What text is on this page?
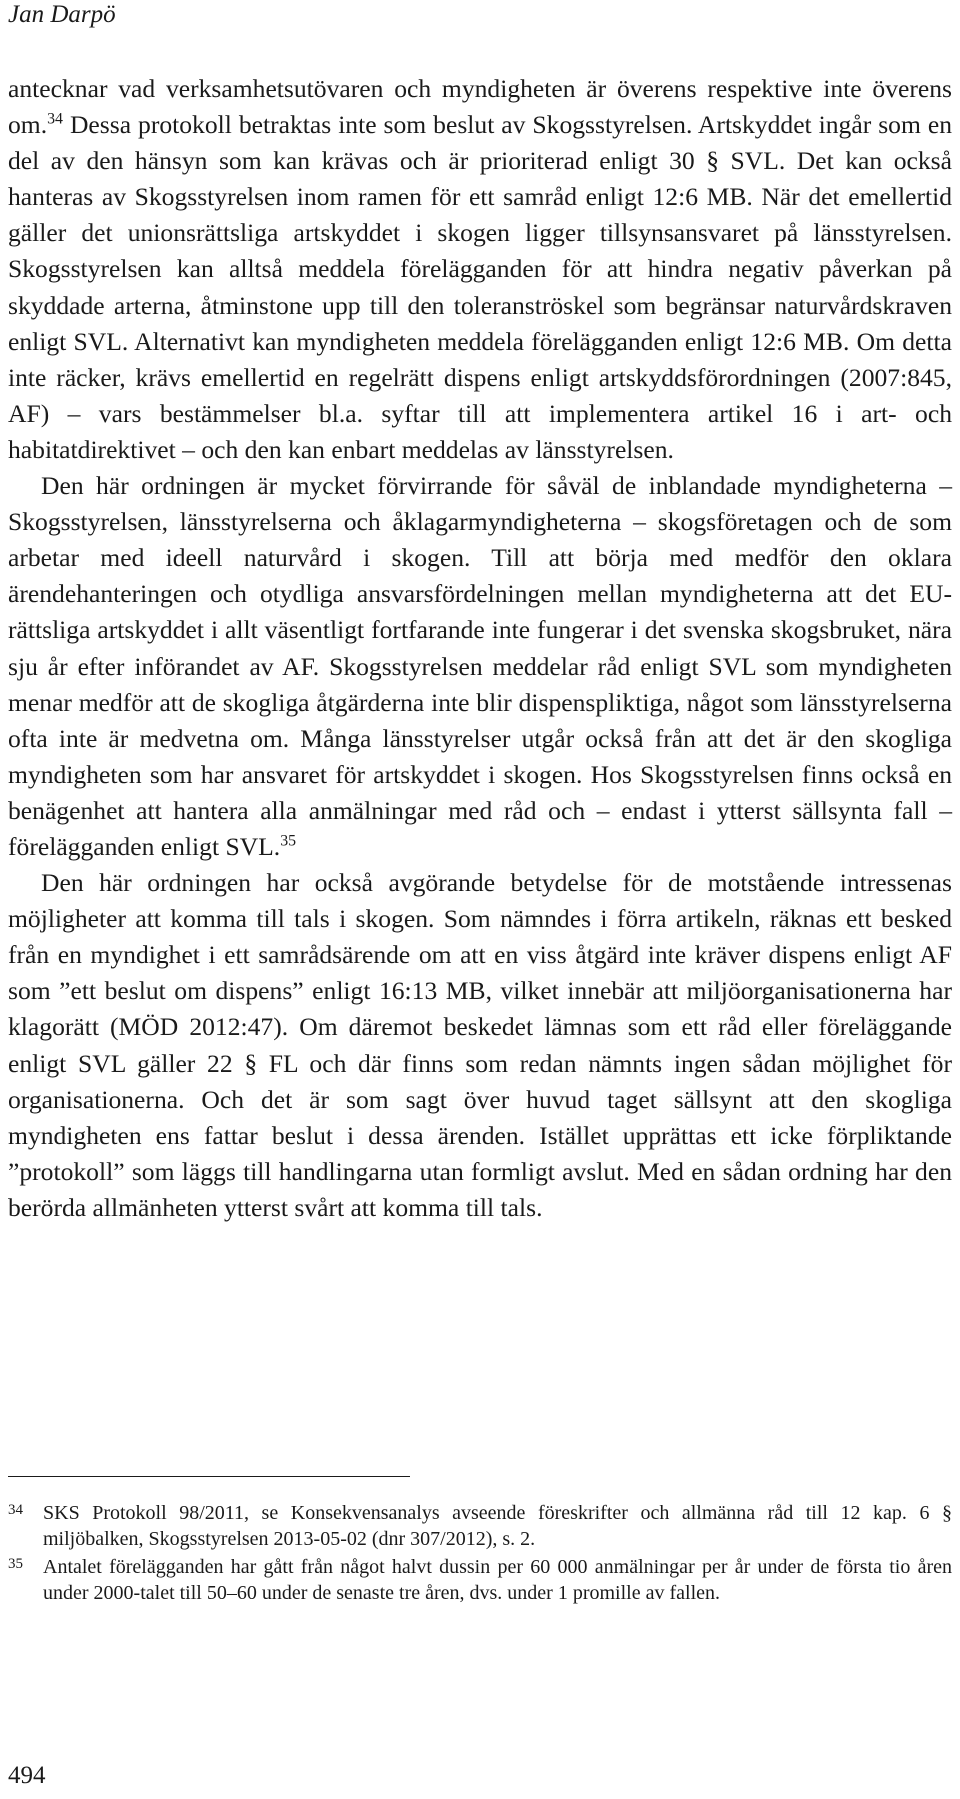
Jan Darpö

antecknar vad verksamhetsutövaren och myndigheten är överens respektive inte överens om.$^{34}$ Dessa protokoll betraktas inte som beslut av Skogsstyrelsen. Artskyddet ingår som en del av den hänsyn som kan krävas och är prioriterad enligt 30 § SVL. Det kan också hanteras av Skogsstyrelsen inom ramen för ett samråd enligt 12:6 MB. När det emellertid gäller det unionsrättsliga artskyddet i skogen ligger tillsynsansvaret på länsstyrelsen. Skogsstyrelsen kan alltså meddela förelägganden för att hindra negativ påverkan på skyddade arterna, åtminstone upp till den toleranströskel som begränsar naturvårdskraven enligt SVL. Alternativt kan myndigheten meddela förelägganden enligt 12:6 MB. Om detta inte räcker, krävs emellertid en regelrätt dispens enligt artskyddsförordningen (2007:845, AF) – vars bestämmelser bl.a. syftar till att implementera artikel 16 i art- och habitatdirektivet – och den kan enbart meddelas av länsstyrelsen.

Den här ordningen är mycket förvirrande för såväl de inblandade myndigheterna – Skogsstyrelsen, länsstyrelserna och åklagarmyndigheterna – skogsföretagen och de som arbetar med ideell naturvård i skogen. Till att börja med medför den oklara ärendehanteringen och otydliga ansvarsfördelningen mellan myndigheterna att det EU-rättsliga artskyddet i allt väsentligt fortfarande inte fungerar i det svenska skogsbruket, nära sju år efter införandet av AF. Skogsstyrelsen meddelar råd enligt SVL som myndigheten menar medför att de skogliga åtgärderna inte blir dispenspliktiga, något som länsstyrelserna ofta inte är medvetna om. Många länsstyrelser utgår också från att det är den skogliga myndigheten som har ansvaret för artskyddet i skogen. Hos Skogsstyrelsen finns också en benägenhet att hantera alla anmälningar med råd och – endast i ytterst sällsynta fall – förelägganden enligt SVL.$^{35}$

Den här ordningen har också avgörande betydelse för de motstående intressenas möjligheter att komma till tals i skogen. Som nämndes i förra artikeln, räknas ett besked från en myndighet i ett samrådsärende om att en viss åtgärd inte kräver dispens enligt AF som ”ett beslut om dispens” enligt 16:13 MB, vilket innebär att miljöorganisationerna har klagorätt (MÖD 2012:47). Om däremot beskedet lämnas som ett råd eller föreläggande enligt SVL gäller 22 § FL och där finns som redan nämnts ingen sådan möjlighet för organisationerna. Och det är som sagt över huvud taget sällsynt att den skogliga myndigheten ens fattar beslut i dessa ärenden. Istället upprättas ett icke förpliktande ”protokoll” som läggs till handlingarna utan formligt avslut. Med en sådan ordning har den berörda allmänheten ytterst svårt att komma till tals.

34	SKS Protokoll 98/2011, se Konsekvensanalys avseende föreskrifter och allmänna råd till 12 kap. 6 § miljöbalken, Skogsstyrelsen 2013-05-02 (dnr 307/2012), s. 2.
35	Antalet förelägganden har gått från något halvt dussin per 60 000 anmälningar per år under de första tio åren under 2000-talet till 50–60 under de senaste tre åren, dvs. under 1 promille av fallen.
494
